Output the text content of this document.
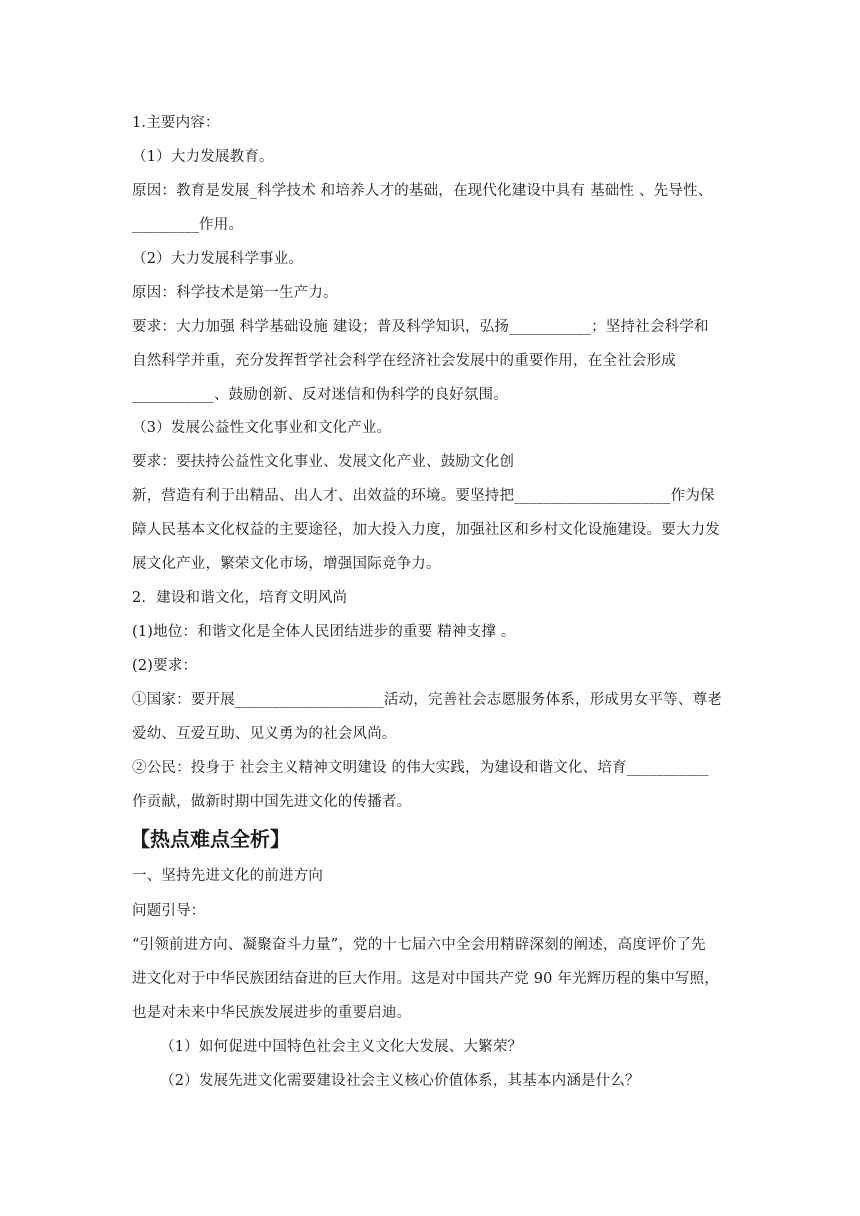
1.主要内容：
（1）大力发展教育。
原因：教育是发展_科学技术 和培养人才的基础，在现代化建设中具有 基础性 、先导性、
_________作用。
（2）大力发展科学事业。
原因：科学技术是第一生产力。
要求：大力加强 科学基础设施 建设；普及科学知识，弘扬___________；坚持社会科学和
自然科学并重，充分发挥哲学社会科学在经济社会发展中的重要作用，在全社会形成
___________、鼓励创新、反对迷信和伪科学的良好氛围。
（3）发展公益性文化事业和文化产业。
要求：要扶持公益性文化事业、发展文化产业、鼓励文化创
新，营造有利于出精品、出人才、出效益的环境。要坚持把_____________________作为保
障人民基本文化权益的主要途径，加大投入力度，加强社区和乡村文化设施建设。要大力发
展文化产业，繁荣文化市场，增强国际竞争力。
2．建设和谐文化，培育文明风尚
(1)地位：和谐文化是全体人民团结进步的重要 精神支撑 。
(2)要求：
①国家：要开展____________________活动，完善社会志愿服务体系，形成男女平等、尊老
爱幼、互爱互助、见义勇为的社会风尚。
②公民：投身于 社会主义精神文明建设 的伟大实践，为建设和谐文化、培育___________
作贡献，做新时期中国先进文化的传播者。
【热点难点全析】
一、坚持先进文化的前进方向
问题引导：
“引领前进方向、凝聚奋斗力量”，党的十七届六中全会用精辟深刻的阐述，高度评价了先
进文化对于中华民族团结奋进的巨大作用。这是对中国共产党 90 年光辉历程的集中写照，
也是对未来中华民族发展进步的重要启迪。
（1）如何促进中国特色社会主义文化大发展、大繁荣？
（2）发展先进文化需要建设社会主义核心价值体系，其基本内涵是什么？
